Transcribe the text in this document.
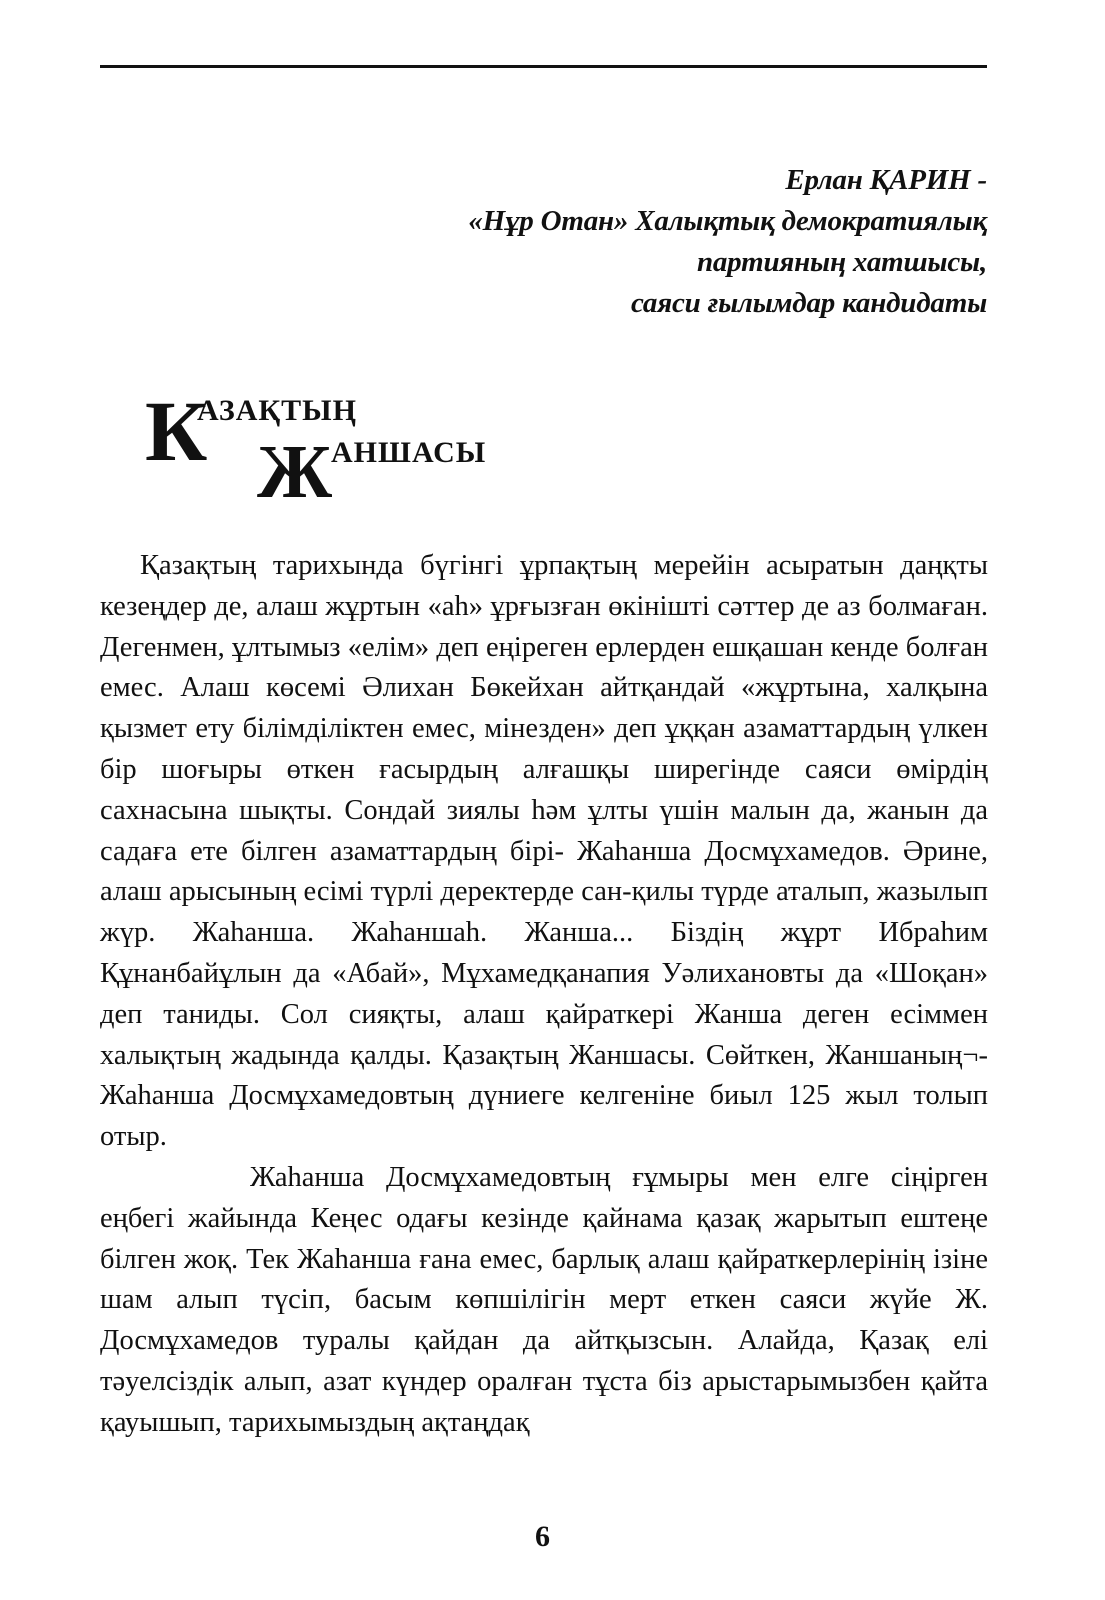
Ерлан ҚАРИН -
«Нұр Отан» Халықтық демократиялық
партияның хатшысы,
саяси ғылымдар кандидаты
К
АЗАҚТЫҢ
Ж
АНШАСЫ

Қазақтың тарихында бүгінгі ұрпақтың мерейін асыратын даңқты кезеңдер де, алаш жұртын «аһ» ұрғызған өкінішті сәттер де аз болмаған. Дегенмен, ұлтымыз «елім» деп еңіреген ерлерден ешқашан кенде болған емес. Алаш көсемі Әлихан Бөкейхан айтқандай «жұртына, халқына қызмет ету білімділіктен емес, мінезден» деп ұққан азаматтардың үлкен бір шоғыры өткен ғасырдың алғашқы ширегінде саяси өмірдің сахнасына шықты. Сондай зиялы һәм ұлты үшін малын да, жанын да садаға ете білген азаматтардың бірі- Жаһанша Досмұхамедов. Әрине, алаш арысының есімі түрлі деректерде сан-қилы түрде аталып, жазылып жүр. Жаһанша. Жаһаншаһ. Жанша... Біздің жұрт Ибраһим Құнанбайұлын да «Абай», Мұхамедқанапия Уәлихановты да «Шоқан» деп таниды. Сол сияқты, алаш қайраткері Жанша деген есіммен халықтың жадында қалды. Қазақтың Жаншасы. Сөйткен, Жаншаның¬- Жаһанша Досмұхамедовтың дүниеге келгеніне биыл 125 жыл толып отыр.

Жаһанша Досмұхамедовтың ғұмыры мен елге сіңірген еңбегі жайында Кеңес одағы кезінде қайнама қазақ жарытып ештеңе білген жоқ. Тек Жаһанша ғана емес, барлық алаш қайраткерлерінің ізіне шам алып түсіп, басым көпшілігін мерт еткен саяси жүйе Ж. Досмұхамедов туралы қайдан да айтқызсын. Алайда, Қазақ елі тәуелсіздік алып, азат күндер оралған тұста біз арыстарымызбен қайта қауышып, тарихымыздың ақтаңдақ

6
